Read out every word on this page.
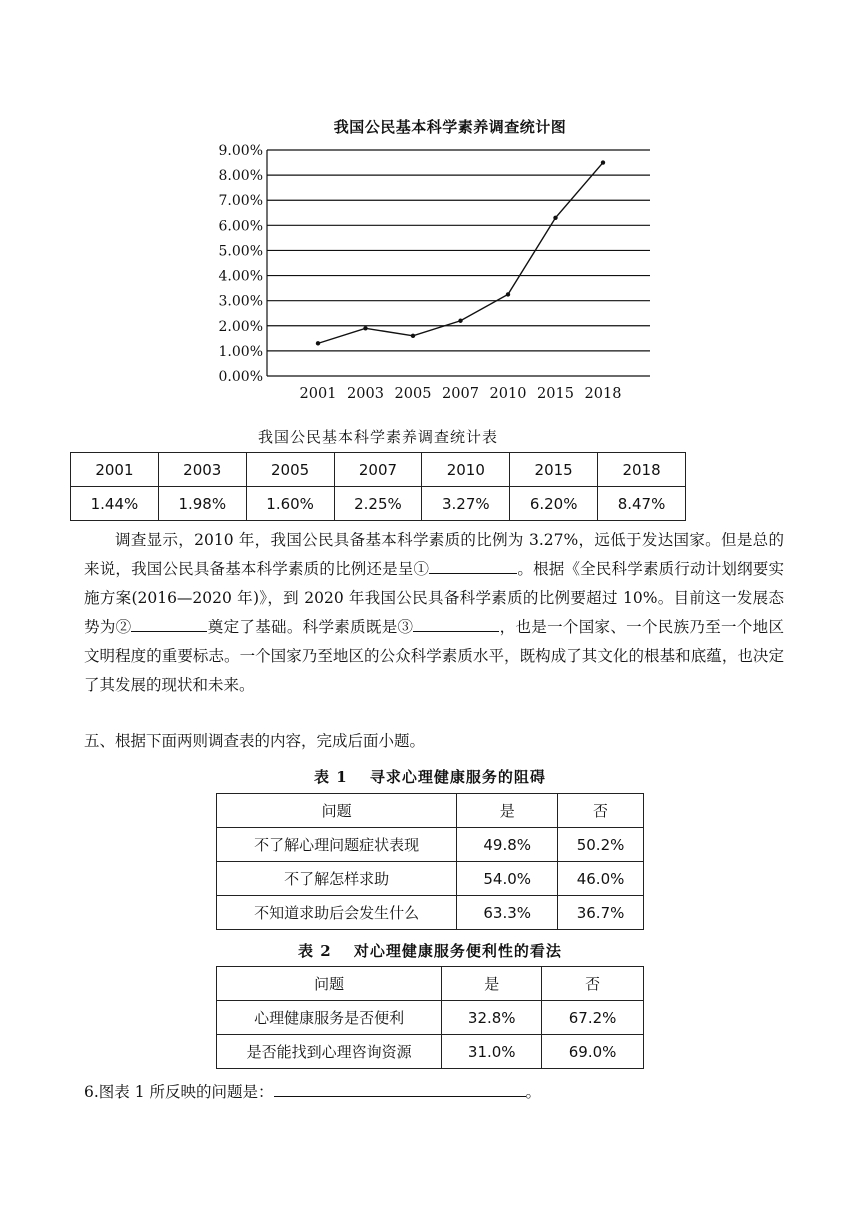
我国公民基本科学素养调查统计图
9.00%
8.00%
7.00%
6.00%
5.00%
4.00%
3.00%
2.00%
1.00%
0.00%
2001 2003 2005 2007 2010 2015 2018
我国公民基本科学素养调查统计表
2001	2003	2005	2007	2010	2015	2018
1.44%	1.98%	1.60%	2.25%	3.27%	6.20%	8.47%
调查显示，2010 年，我国公民具备基本科学素质的比例为 3.27%，远低于发达国家。但是总的来说，我国公民具备基本科学素质的比例还是呈①	。根据《全民科学素质行动计划纲要实施方案(2016—2020 年)》，到 2020 年我国公民具备科学素质的比例要超过 10%。目前这一发展态势为②	奠定了基础。科学素质既是③	，也是一个国家、一个民族乃至一个地区文明程度的重要标志。一个国家乃至地区的公众科学素质水平，既构成了其文化的根基和底蕴，也决定了其发展的现状和未来。
五、根据下面两则调查表的内容，完成后面小题。
表 1　 寻求心理健康服务的阻碍
问题	是	否
不了解心理问题症状表现	49.8%	50.2%
不了解怎样求助	54.0%	46.0%
不知道求助后会发生什么	63.3%	36.7%
表 2　 对心理健康服务便利性的看法
问题	是	否
心理健康服务是否便利	32.8%	67.2%
是否能找到心理咨询资源	31.0%	69.0%
6.图表 1 所反映的问题是：	。
